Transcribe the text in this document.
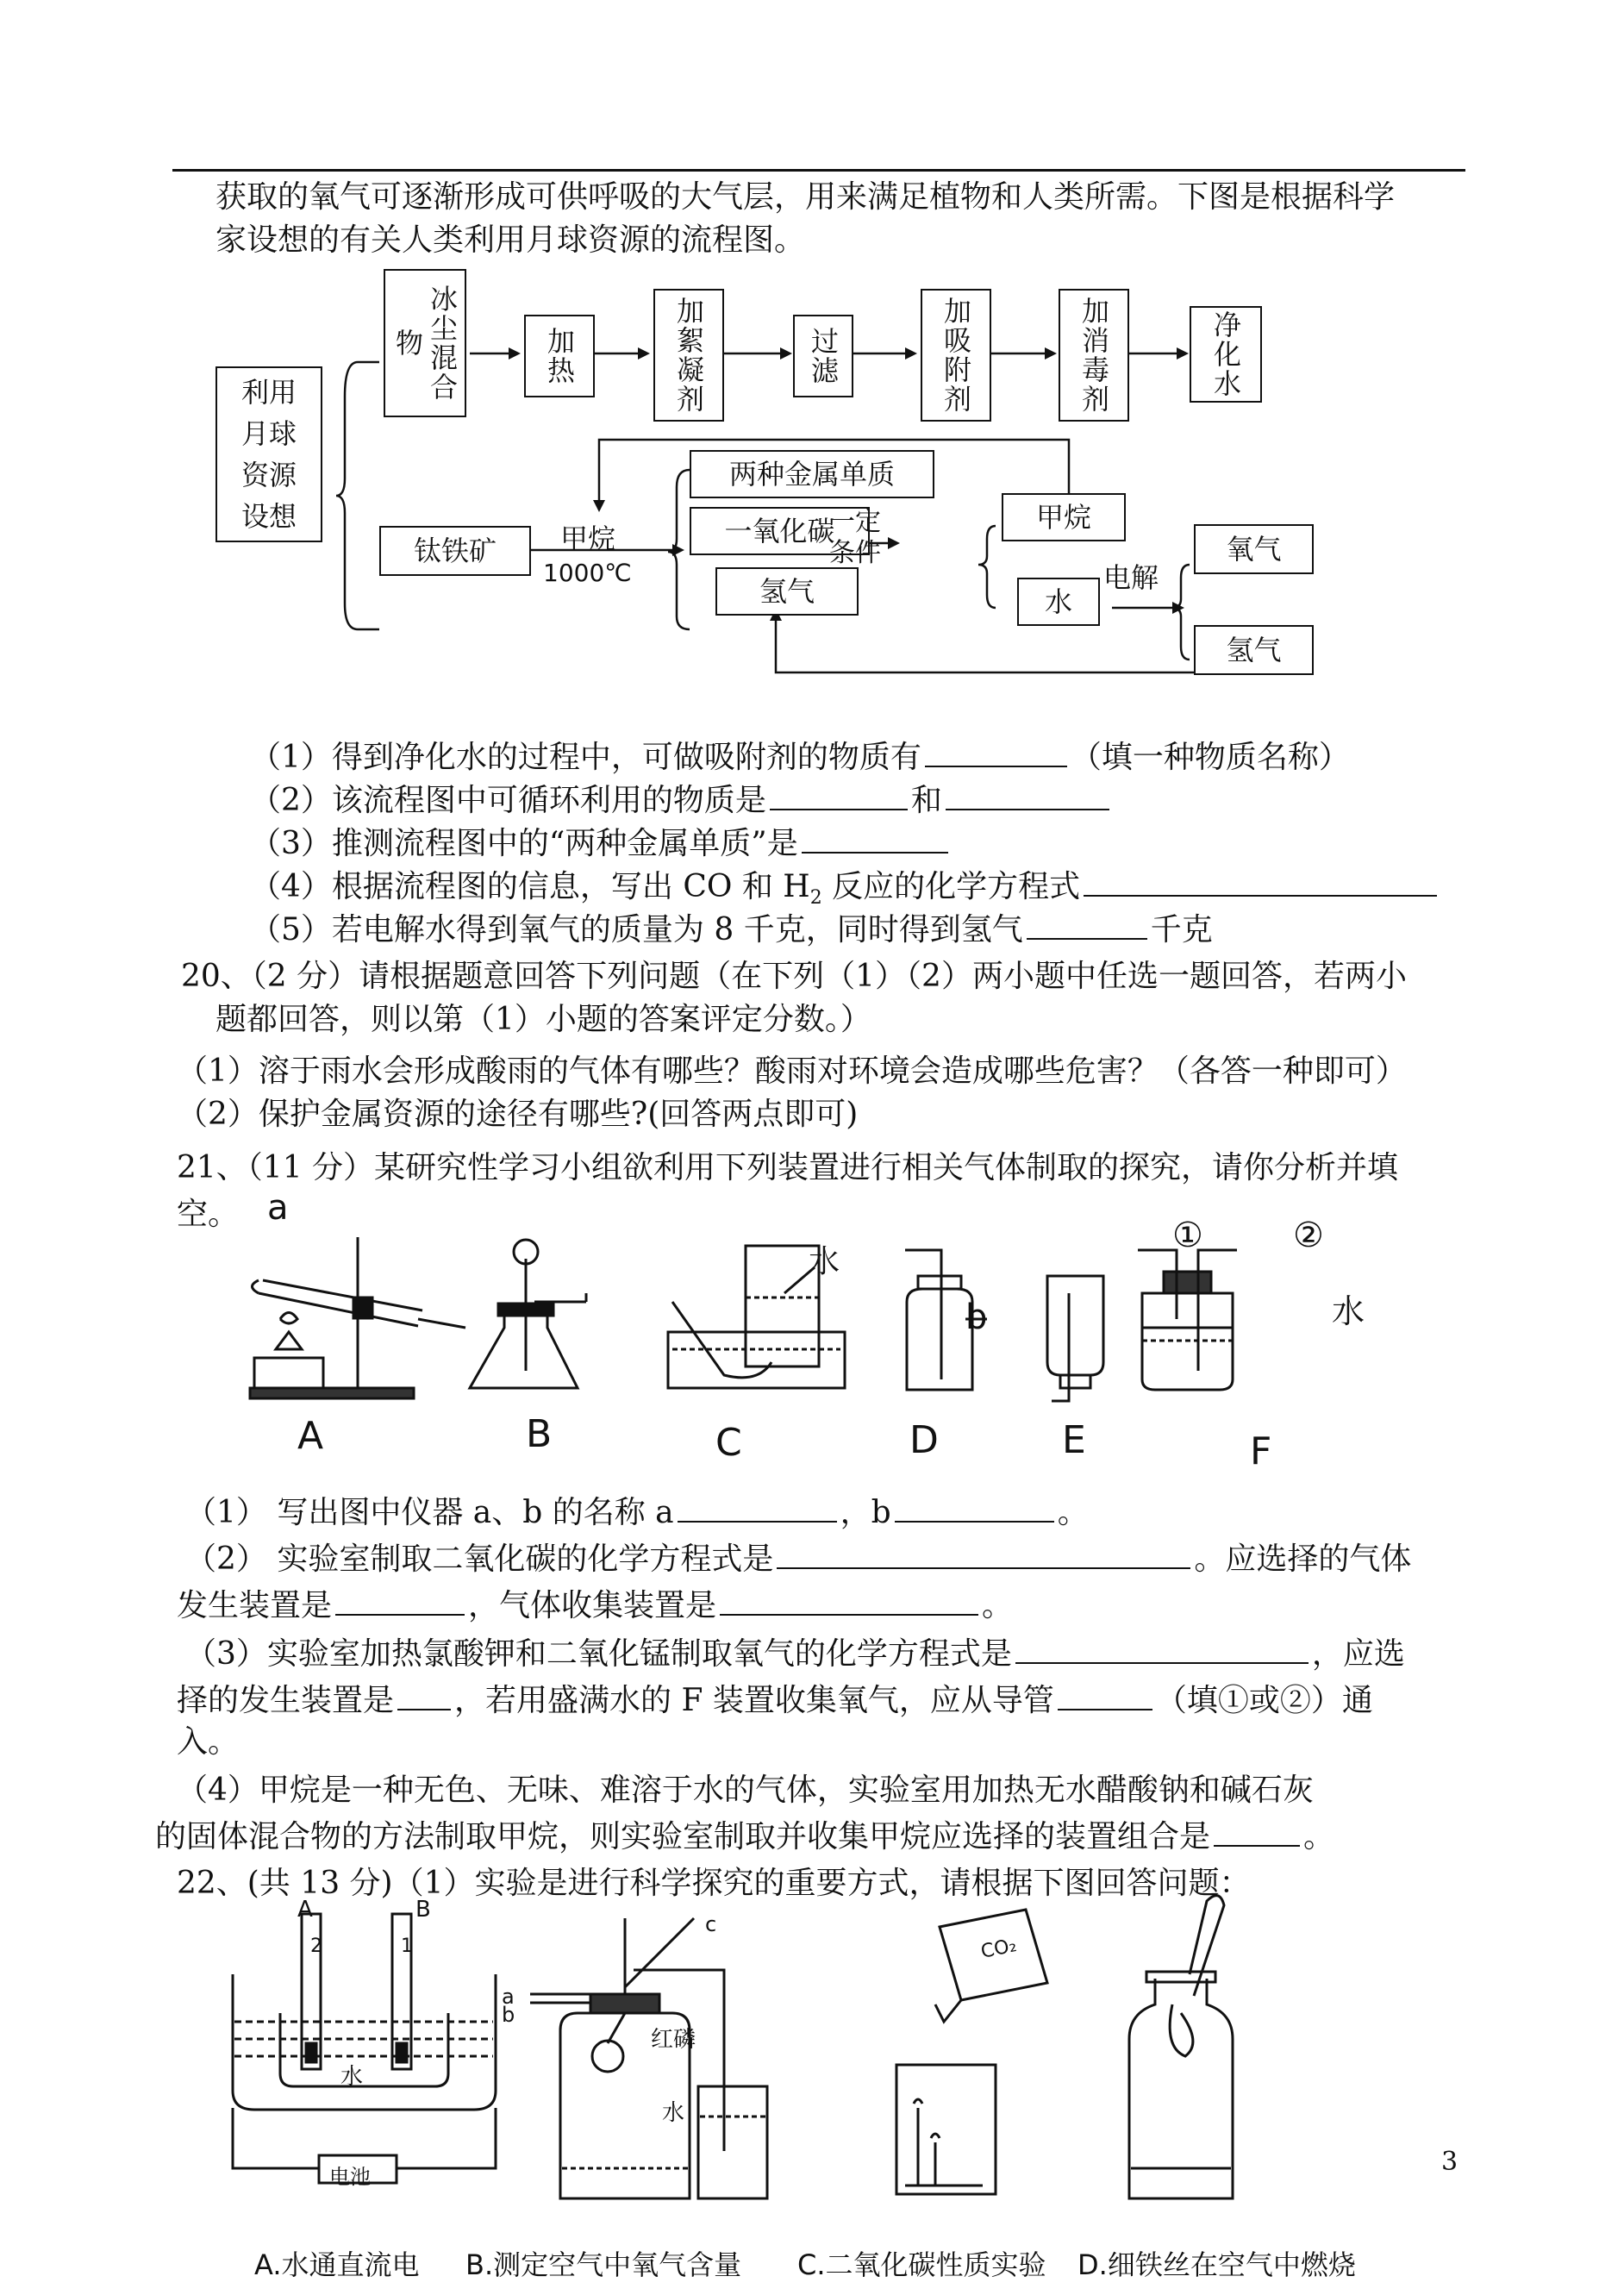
获取的氧气可逐渐形成可供呼吸的大气层，用来满足植物和人类所需。下图是根据科学
家设想的有关人类利用月球资源的流程图。
利用
月球
资源
设想
冰尘混合物	加热	加絮凝剂	过滤	加吸附剂	加消毒剂	净化水
钛铁矿	甲烷
1000℃
两种金属单质
一氧化碳
氢气
一定条件
甲烷
水
电解
氧气
氢气
（1）得到净化水的过程中，可做吸附剂的物质有	（填一种物质名称）
（2）该流程图中可循环利用的物质是	和
（3）推测流程图中的“两种金属单质”是
（4）根据流程图的信息，写出 CO 和 $H_2$ 反应的化学方程式
（5）若电解水得到氧气的质量为 8 千克，同时得到氢气	千克
20、（2 分）请根据题意回答下列问题（在下列（1）（2）两小题中任选一题回答，若两小
题都回答，则以第（1）小题的答案评定分数。）
（1）溶于雨水会形成酸雨的气体有哪些？酸雨对环境会造成哪些危害？（各答一种即可）
（2）保护金属资源的途径有哪些?(回答两点即可)
21、（11 分）某研究性学习小组欲利用下列装置进行相关气体制取的探究，请你分析并填
空。 a
水
b
①	②
水
A	B	C	D	E	F
（1） 写出图中仪器 a、b 的名称 a	，b	。
（2） 实验室制取二氧化碳的化学方程式是	。应选择的气体
发生装置是	，气体收集装置是	。
（3）实验室加热氯酸钾和二氧化锰制取氧气的化学方程式是	，应选
择的发生装置是 ，若用盛满水的 F 装置收集氧气，应从导管	（填①或②）通
入。
（4）甲烷是一种无色、无味、难溶于水的气体，实验室用加热无水醋酸钠和碱石灰
的固体混合物的方法制取甲烷，则实验室制取并收集甲烷应选择的装置组合是	。
22、(共 13 分)（1）实验是进行科学探究的重要方式，请根据下图回答问题：
A	B
2	1
水
电池
c
a
b
红磷
水
CO₂
A.水通直流电 B.测定空气中氧气含量 C.二氧化碳性质实验 D.细铁丝在空气中燃烧
3
